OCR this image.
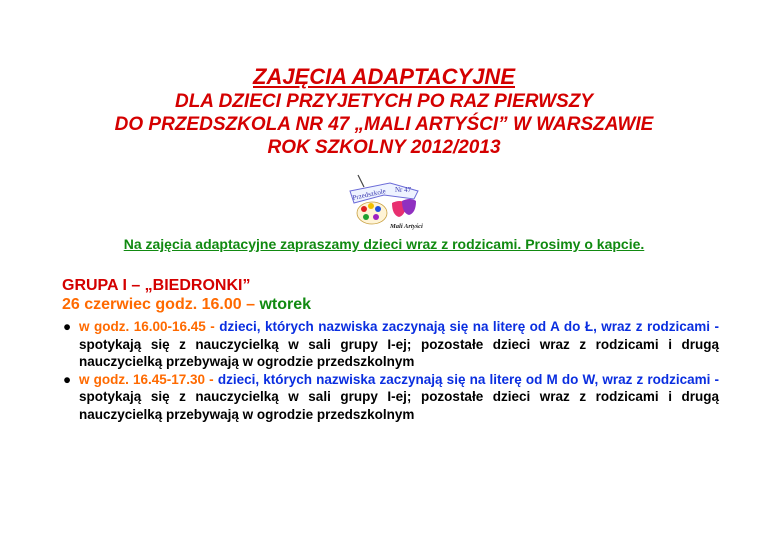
ZAJĘCIA ADAPTACYJNE
DLA DZIECI PRZYJETYCH PO RAZ PIERWSZY
DO PRZEDSZKOLA NR 47 „MALI ARTYŚCI” W WARSZAWIE
ROK SZKOLNY 2012/2013
Przedszkole Nr 47
Mali Artyści
Na zajęcia adaptacyjne zapraszamy dzieci wraz z rodzicami. Prosimy o kapcie.
GRUPA I – „BIEDRONKI”
26 czerwiec godz. 16.00 – wtorek
● w godz. 16.00-16.45 - dzieci, których nazwiska zaczynają się na literę od A do Ł, wraz z rodzicami - spotykają się z nauczycielką w sali grupy I-ej; pozostałe dzieci wraz z rodzicami i drugą nauczycielką przebywają w ogrodzie przedszkolnym
● w godz. 16.45-17.30 - dzieci, których nazwiska zaczynają się na literę od M do W, wraz z rodzicami - spotykają się z nauczycielką w sali grupy I-ej; pozostałe dzieci wraz z rodzicami i drugą nauczycielką przebywają w ogrodzie przedszkolnym
